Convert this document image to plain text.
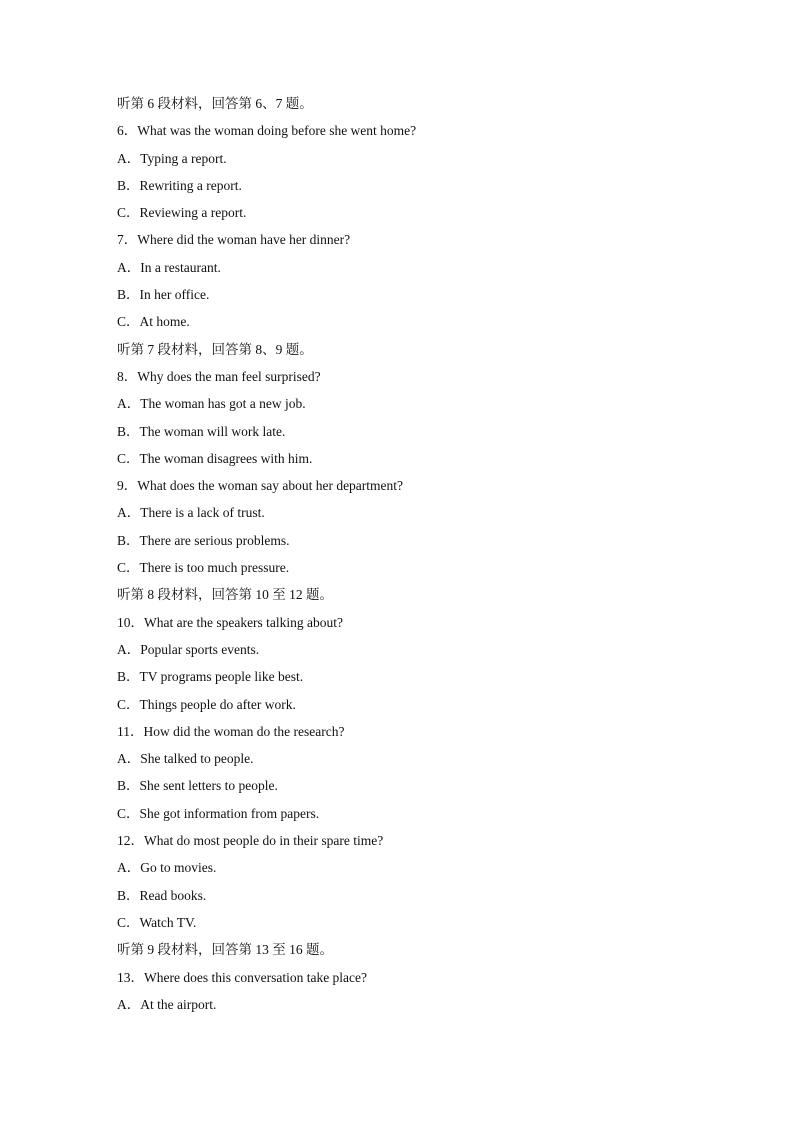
听第 6 段材料，回答第 6、7 题。
6．What was the woman doing before she went home?
A．Typing a report.
B．Rewriting a report.
C．Reviewing a report.
7．Where did the woman have her dinner?
A．In a restaurant.
B．In her office.
C．At home.
听第 7 段材料，回答第 8、9 题。
8．Why does the man feel surprised?
A．The woman has got a new job.
B．The woman will work late.
C．The woman disagrees with him.
9．What does the woman say about her department?
A．There is a lack of trust.
B．There are serious problems.
C．There is too much pressure.
听第 8 段材料，回答第 10 至 12 题。
10．What are the speakers talking about?
A．Popular sports events.
B．TV programs people like best.
C．Things people do after work.
11．How did the woman do the research?
A．She talked to people.
B．She sent letters to people.
C．She got information from papers.
12．What do most people do in their spare time?
A．Go to movies.
B．Read books.
C．Watch TV.
听第 9 段材料，回答第 13 至 16 题。
13．Where does this conversation take place?
A．At the airport.
